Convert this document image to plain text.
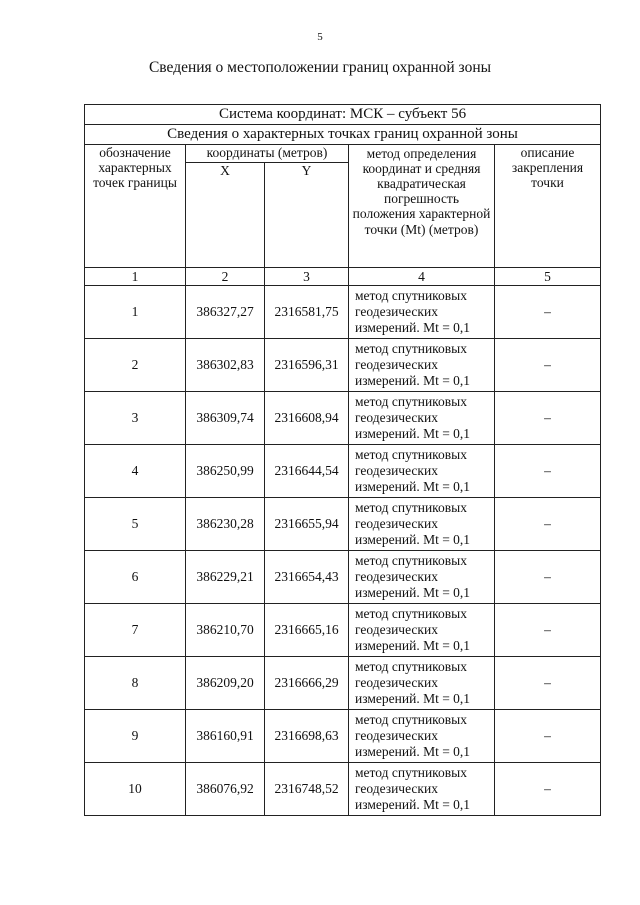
5
Сведения о местоположении границ охранной зоны
Система координат: МСК – субъект 56				
Сведения о характерных точках границ охранной зоны				
обозначение характерных точек границы	координаты (метров)		метод определения координат и средняя квадратическая погрешность положения характерной точки (Mt) (метров)	описание закрепления точки
	X	Y		
1	2	3	4	5
1	386327,27	2316581,75	метод спутниковых геодезических измерений. Mt = 0,1	–
2	386302,83	2316596,31	метод спутниковых геодезических измерений. Mt = 0,1	–
3	386309,74	2316608,94	метод спутниковых геодезических измерений. Mt = 0,1	–
4	386250,99	2316644,54	метод спутниковых геодезических измерений. Mt = 0,1	–
5	386230,28	2316655,94	метод спутниковых геодезических измерений. Mt = 0,1	–
6	386229,21	2316654,43	метод спутниковых геодезических измерений. Mt = 0,1	–
7	386210,70	2316665,16	метод спутниковых геодезических измерений. Mt = 0,1	–
8	386209,20	2316666,29	метод спутниковых геодезических измерений. Mt = 0,1	–
9	386160,91	2316698,63	метод спутниковых геодезических измерений. Mt = 0,1	–
10	386076,92	2316748,52	метод спутниковых геодезических измерений. Mt = 0,1	–
